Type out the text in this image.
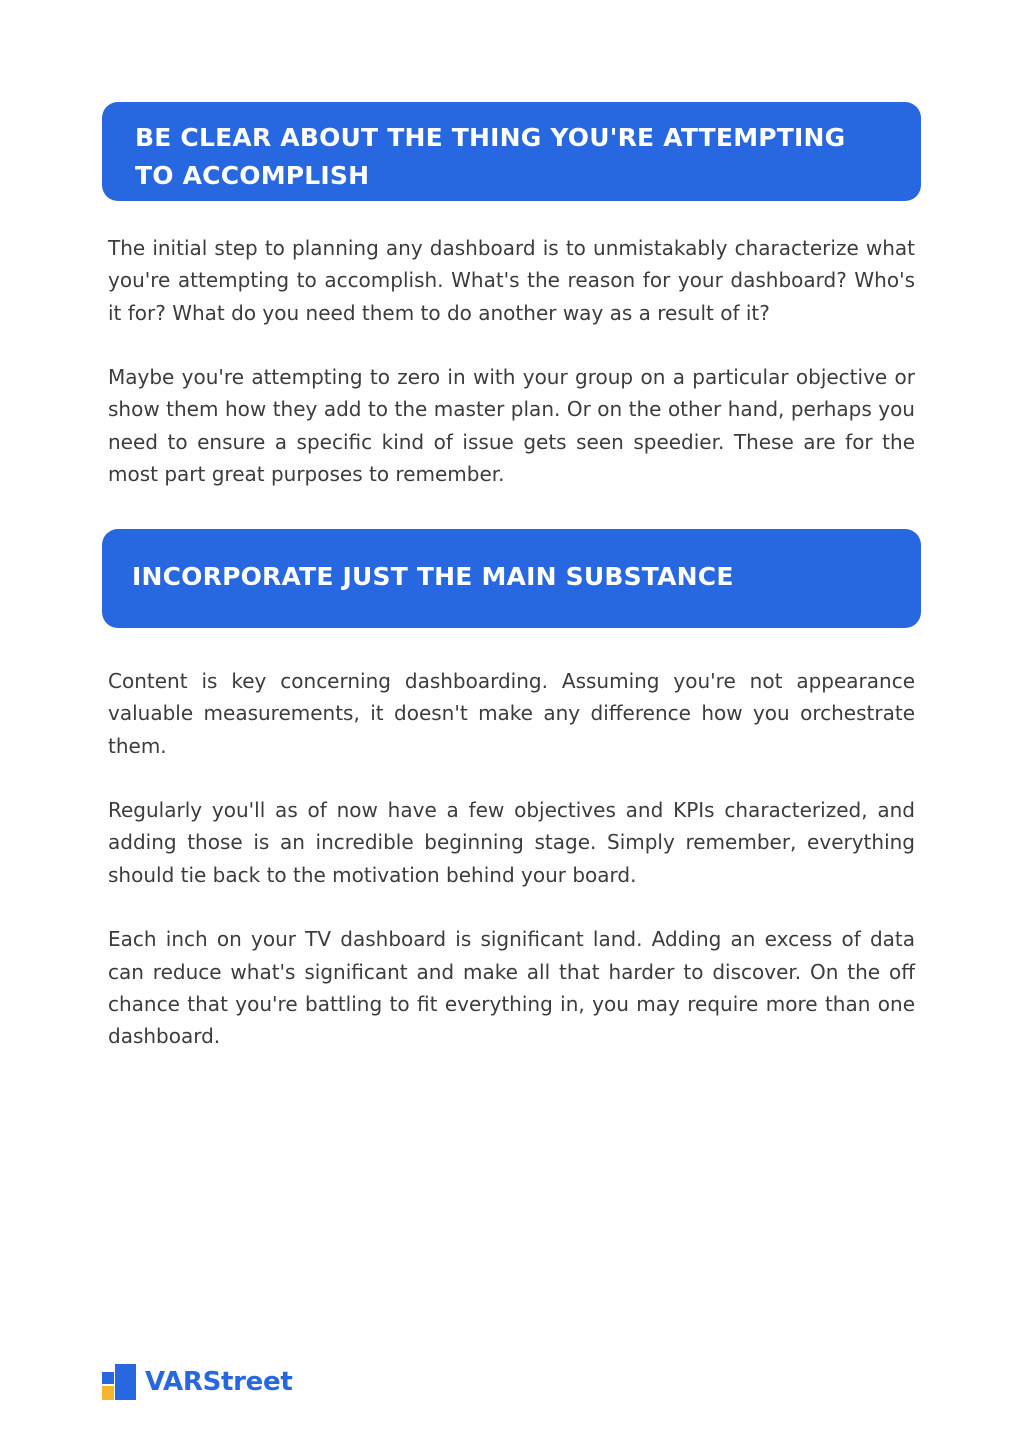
BE CLEAR ABOUT THE THING YOU'RE ATTEMPTING TO ACCOMPLISH

The initial step to planning any dashboard is to unmistakably characterize what you're attempting to accomplish. What's the reason for your dashboard? Who's it for? What do you need them to do another way as a result of it?

Maybe you're attempting to zero in with your group on a particular objective or show them how they add to the master plan. Or on the other hand, perhaps you need to ensure a specific kind of issue gets seen speedier. These are for the most part great purposes to remember.

INCORPORATE JUST THE MAIN SUBSTANCE

Content is key concerning dashboarding. Assuming you're not appearance valuable measurements, it doesn't make any difference how you orchestrate them.

Regularly you'll as of now have a few objectives and KPIs characterized, and adding those is an incredible beginning stage. Simply remember, everything should tie back to the motivation behind your board.

Each inch on your TV dashboard is significant land. Adding an excess of data can reduce what's significant and make all that harder to discover. On the off chance that you're battling to fit everything in, you may require more than one dashboard.

VARStreet
